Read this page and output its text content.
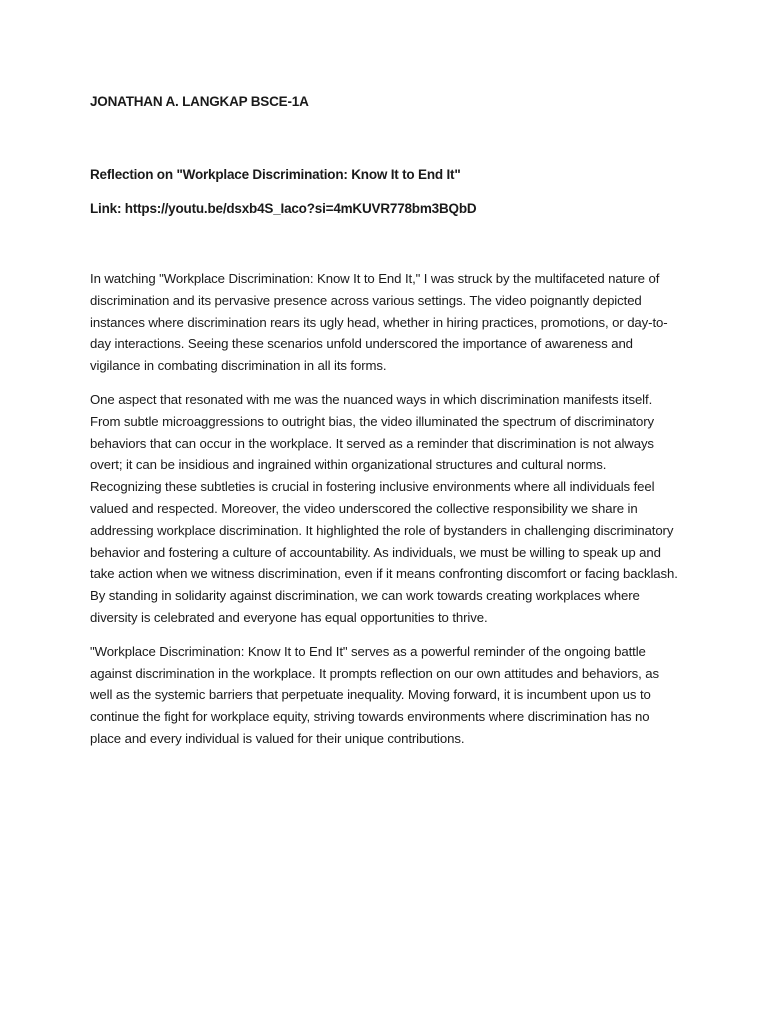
JONATHAN A. LANGKAP BSCE-1A

Reflection on "Workplace Discrimination: Know It to End It"

Link: https://youtu.be/dsxb4S_Iaco?si=4mKUVR778bm3BQbD

In watching "Workplace Discrimination: Know It to End It," I was struck by the multifaceted nature of discrimination and its pervasive presence across various settings. The video poignantly depicted instances where discrimination rears its ugly head, whether in hiring practices, promotions, or day-to-day interactions. Seeing these scenarios unfold underscored the importance of awareness and vigilance in combating discrimination in all its forms.

One aspect that resonated with me was the nuanced ways in which discrimination manifests itself. From subtle microaggressions to outright bias, the video illuminated the spectrum of discriminatory behaviors that can occur in the workplace. It served as a reminder that discrimination is not always overt; it can be insidious and ingrained within organizational structures and cultural norms. Recognizing these subtleties is crucial in fostering inclusive environments where all individuals feel valued and respected. Moreover, the video underscored the collective responsibility we share in addressing workplace discrimination. It highlighted the role of bystanders in challenging discriminatory behavior and fostering a culture of accountability. As individuals, we must be willing to speak up and take action when we witness discrimination, even if it means confronting discomfort or facing backlash. By standing in solidarity against discrimination, we can work towards creating workplaces where diversity is celebrated and everyone has equal opportunities to thrive.

"Workplace Discrimination: Know It to End It" serves as a powerful reminder of the ongoing battle against discrimination in the workplace. It prompts reflection on our own attitudes and behaviors, as well as the systemic barriers that perpetuate inequality. Moving forward, it is incumbent upon us to continue the fight for workplace equity, striving towards environments where discrimination has no place and every individual is valued for their unique contributions.
